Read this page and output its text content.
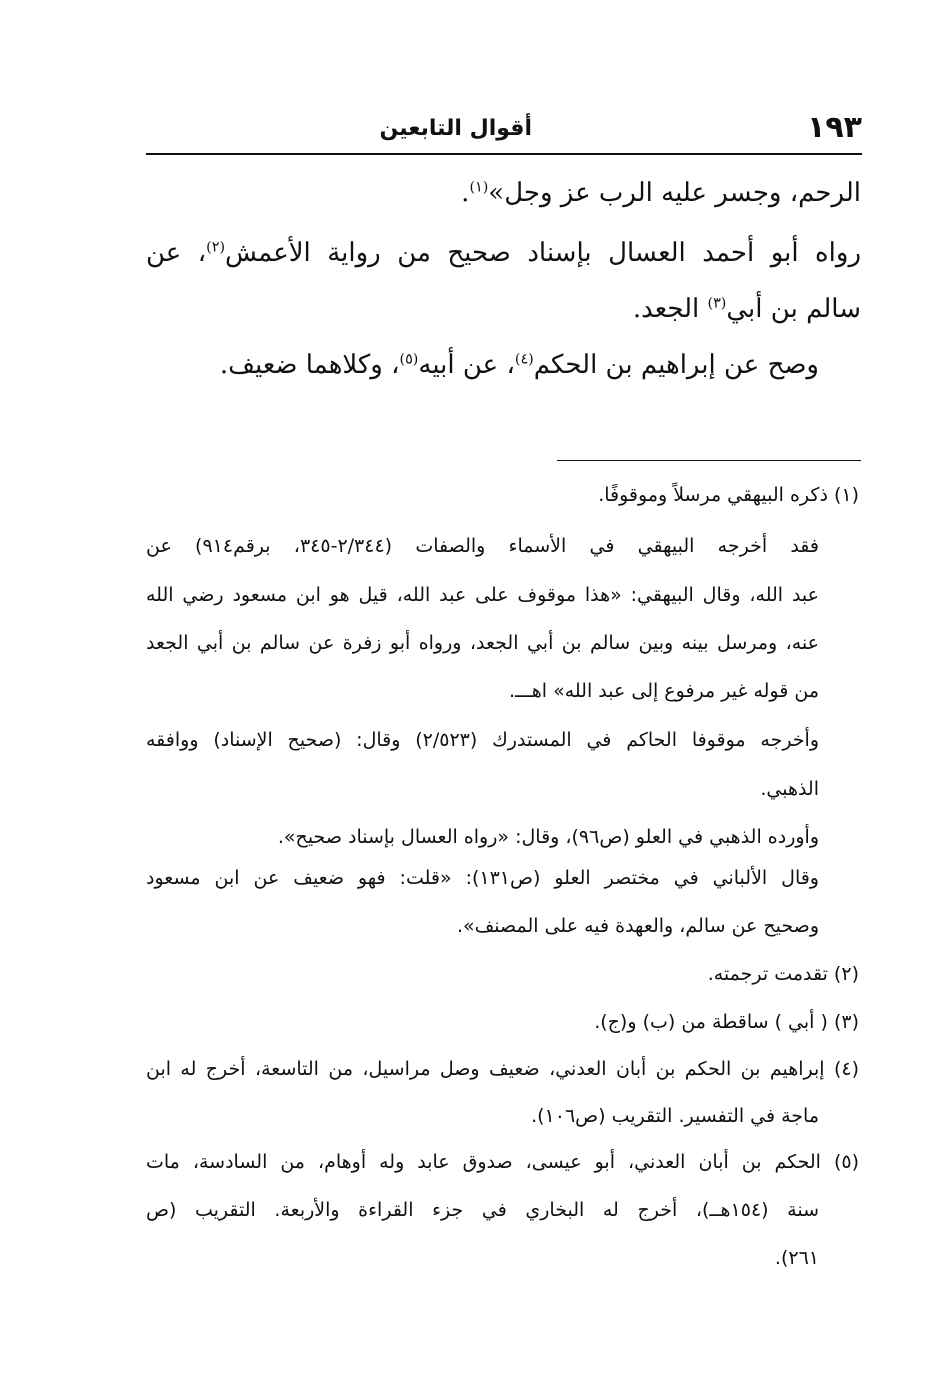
١٩٣
أقوال التابعين
الرحم، وجسر عليه الرب عز وجل»$^{(١)}$.
رواه أبو أحمد العسال بإسناد صحيح من رواية الأعمش$^{(٢)}$، عن
سالم بن أبي$^{(٣)}$ الجعد.
وصح عن إبراهيم بن الحكم$^{(٤)}$، عن أبيه$^{(٥)}$، وكلاهما ضعيف.
(١) ذكره البيهقي مرسلاً وموقوفًا.
فقد أخرجه البيهقي في الأسماء والصفات (٢/٣٤٤-٣٤٥، برقم٩١٤) عن
عبد الله، وقال البيهقي: «هذا موقوف على عبد الله، قيل هو ابن مسعود رضي الله
عنه، ومرسل بينه وبين سالم بن أبي الجعد، ورواه أبو زفرة عن سالم بن أبي الجعد
من قوله غير مرفوع إلى عبد الله» اهـــ.
وأخرجه موقوفا الحاكم في المستدرك (٢/٥٢٣) وقال: (صحيح الإسناد) ووافقه
الذهبي.
وأورده الذهبي في العلو (ص٩٦)، وقال: «رواه العسال بإسناد صحيح».
وقال الألباني في مختصر العلو (ص١٣١): «قلت: فهو ضعيف عن ابن مسعود
وصحيح عن سالم، والعهدة فيه على المصنف».
(٢) تقدمت ترجمته.
(٣) ( أبي ) ساقطة من (ب) و(ج).
(٤) إبراهيم بن الحكم بن أبان العدني، ضعيف وصل مراسيل، من التاسعة، أخرج له ابن
ماجة في التفسير. التقريب (ص١٠٦).
(٥) الحكم بن أبان العدني، أبو عيسى، صدوق عابد وله أوهام، من السادسة، مات
سنة (١٥٤هــ)، أخرج له البخاري في جزء القراءة والأربعة. التقريب (ص
٢٦١).
